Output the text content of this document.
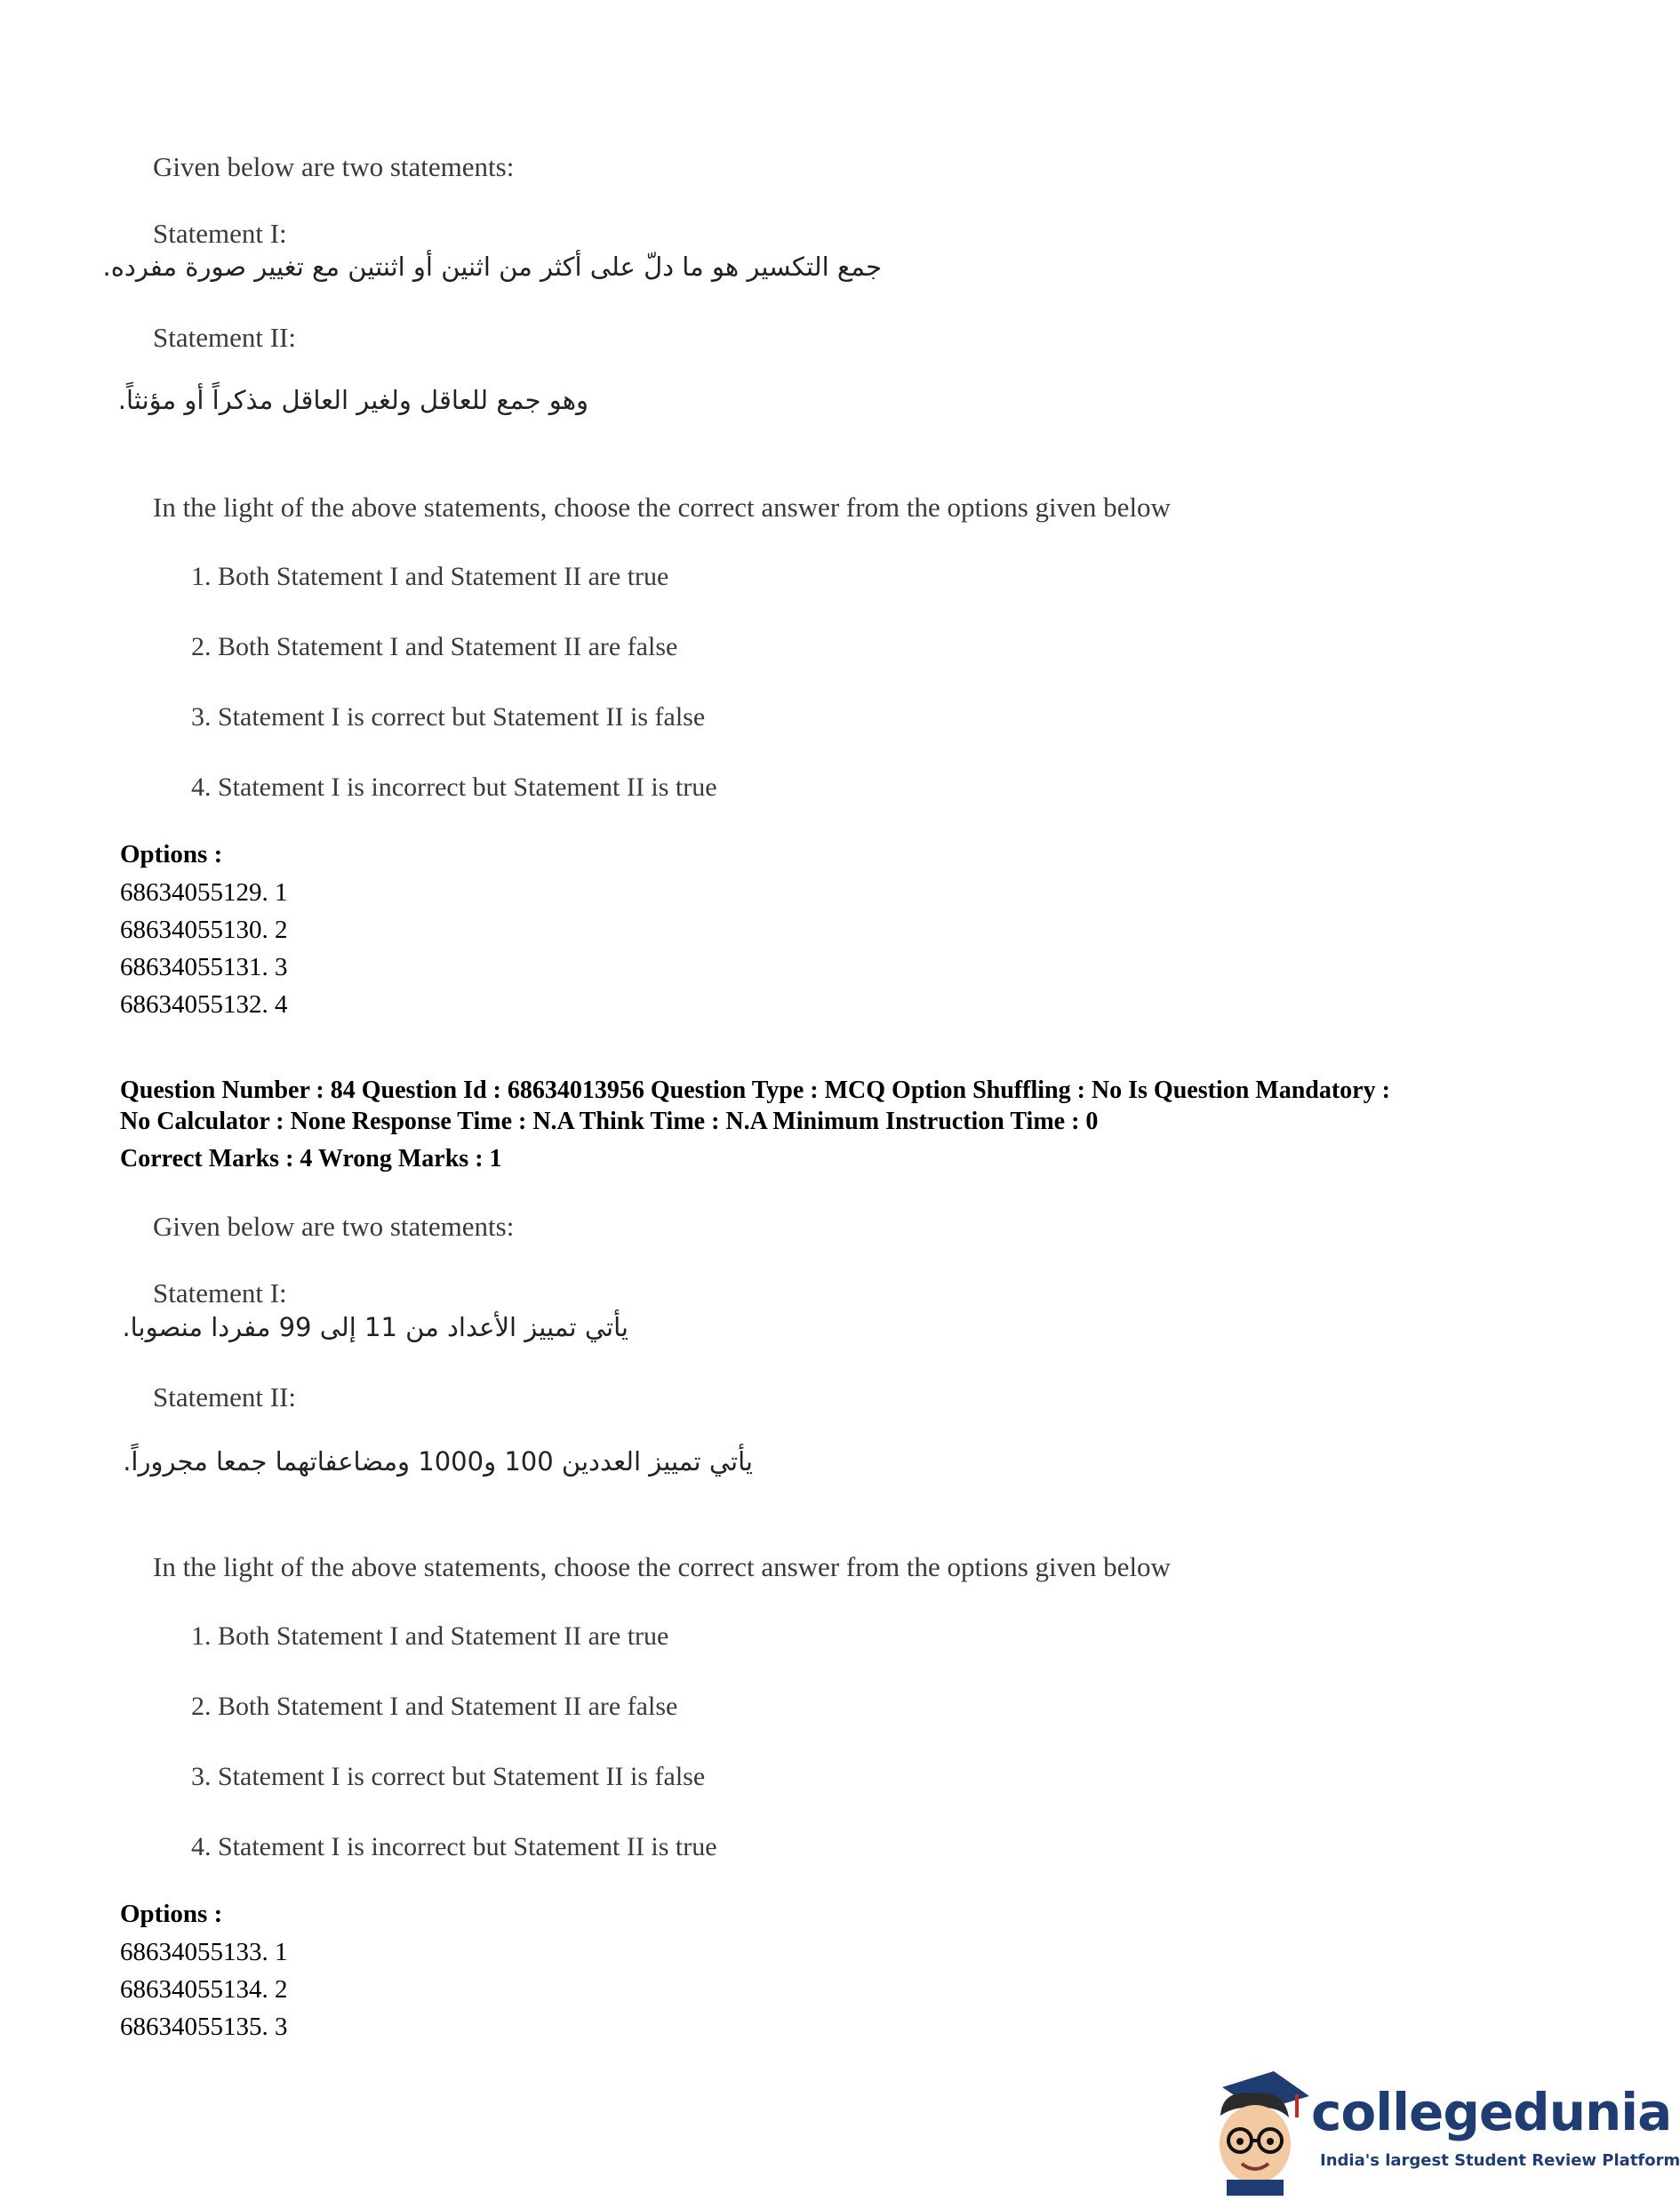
Given below are two statements:
Statement I:
جمع التكسير هو ما دلّ على أكثر من اثنين أو اثنتين مع تغيير صورة مفرده.
Statement II:
وهو جمع للعاقل ولغير العاقل مذكراً أو مؤنثاً.
In the light of the above statements, choose the correct answer from the options given below
1. Both Statement I and Statement II are true
2. Both Statement I and Statement II are false
3. Statement I is correct but Statement II is false
4. Statement I is incorrect but Statement II is true
Options :
68634055129. 1
68634055130. 2
68634055131. 3
68634055132. 4
Question Number : 84 Question Id : 68634013956 Question Type : MCQ Option Shuffling : No Is Question Mandatory :
No Calculator : None Response Time : N.A Think Time : N.A Minimum Instruction Time : 0
Correct Marks : 4 Wrong Marks : 1
Given below are two statements:
Statement I:
يأتي تمييز الأعداد من 11 إلى 99 مفردا منصوبا.
Statement II:
يأتي تمييز العددين 100 و1000 ومضاعفاتهما جمعا مجروراً.
In the light of the above statements, choose the correct answer from the options given below
1. Both Statement I and Statement II are true
2. Both Statement I and Statement II are false
3. Statement I is correct but Statement II is false
4. Statement I is incorrect but Statement II is true
Options :
68634055133. 1
68634055134. 2
68634055135. 3
collegedunia
India's largest Student Review Platform
